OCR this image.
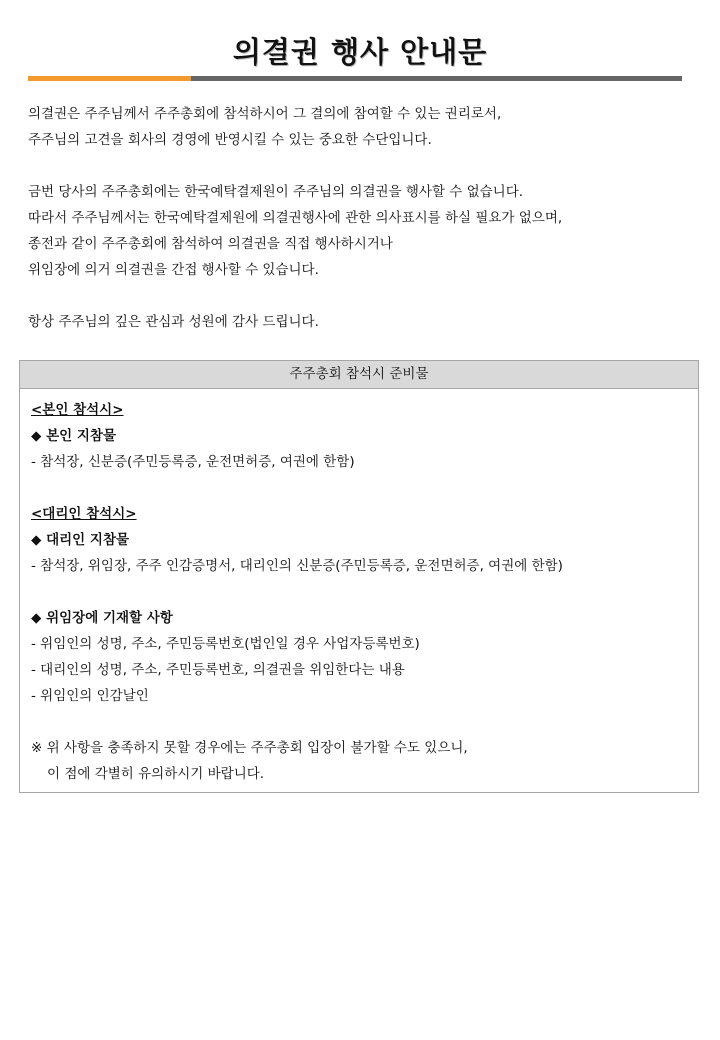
의결권 행사 안내문
의결권은 주주님께서 주주총회에 참석하시어 그 결의에 참여할 수 있는 권리로서,
주주님의 고견을 회사의 경영에 반영시킬 수 있는 중요한 수단입니다.
금번 당사의 주주총회에는 한국예탁결제원이 주주님의 의결권을 행사할 수 없습니다.
따라서 주주님께서는 한국예탁결제원에 의결권행사에 관한 의사표시를 하실 필요가 없으며,
종전과 같이 주주총회에 참석하여 의결권을 직접 행사하시거나
위임장에 의거 의결권을 간접 행사할 수 있습니다.
항상 주주님의 깊은 관심과 성원에 감사 드립니다.
주주총회 참석시 준비물
<본인 참석시>
◆ 본인 지참물
- 참석장, 신분증(주민등록증, 운전면허증, 여권에 한함)
<대리인 참석시>
◆ 대리인 지참물
- 참석장, 위임장, 주주 인감증명서, 대리인의 신분증(주민등록증, 운전면허증, 여권에 한함)
◆ 위임장에 기재할 사항
- 위임인의 성명, 주소, 주민등록번호(법인일 경우 사업자등록번호)
- 대리인의 성명, 주소, 주민등록번호, 의결권을 위임한다는 내용
- 위임인의 인감날인
※ 위 사항을 충족하지 못할 경우에는 주주총회 입장이 불가할 수도 있으니,
이 점에 각별히 유의하시기 바랍니다.
